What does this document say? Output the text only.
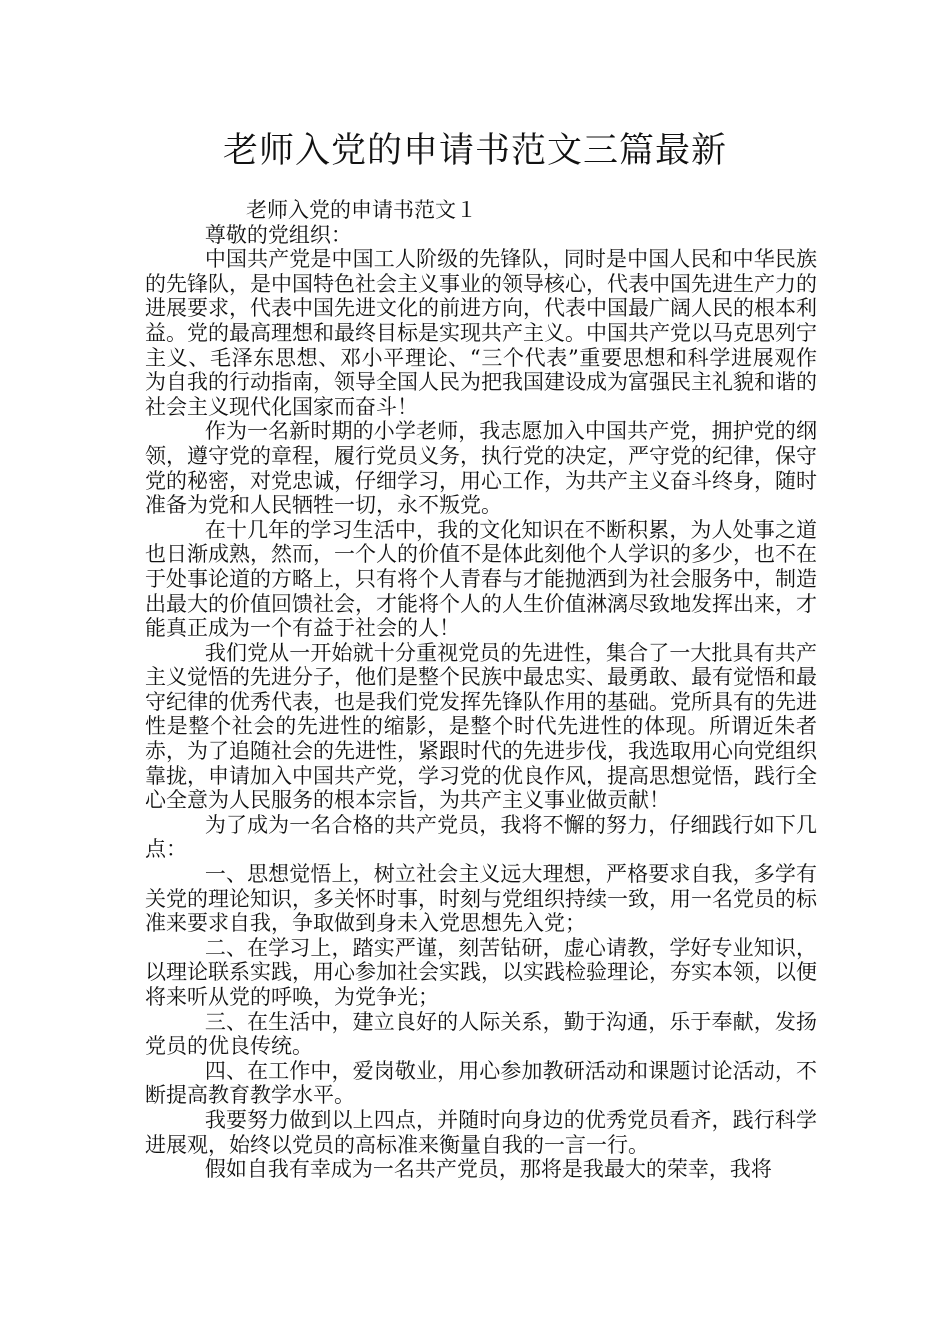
老师入党的申请书范文三篇最新

老师入党的申请书范文１

尊敬的党组织：

中国共产党是中国工人阶级的先锋队，同时是中国人民和中华民族的先锋队，是中国特色社会主义事业的领导核心，代表中国先进生产力的进展要求，代表中国先进文化的前进方向，代表中国最广阔人民的根本利益。党的最高理想和最终目标是实现共产主义。中国共产党以马克思列宁主义、毛泽东思想、邓小平理论、“三个代表”重要思想和科学进展观作为自我的行动指南，领导全国人民为把我国建设成为富强民主礼貌和谐的社会主义现代化国家而奋斗！

作为一名新时期的小学老师，我志愿加入中国共产党，拥护党的纲领，遵守党的章程，履行党员义务，执行党的决定，严守党的纪律，保守党的秘密，对党忠诚，仔细学习，用心工作，为共产主义奋斗终身，随时准备为党和人民牺牲一切，永不叛党。

在十几年的学习生活中，我的文化知识在不断积累，为人处事之道也日渐成熟，然而，一个人的价值不是体此刻他个人学识的多少，也不在于处事论道的方略上，只有将个人青春与才能抛洒到为社会服务中，制造出最大的价值回馈社会，才能将个人的人生价值淋漓尽致地发挥出来，才能真正成为一个有益于社会的人！

我们党从一开始就十分重视党员的先进性，集合了一大批具有共产主义觉悟的先进分子，他们是整个民族中最忠实、最勇敢、最有觉悟和最守纪律的优秀代表，也是我们党发挥先锋队作用的基础。党所具有的先进性是整个社会的先进性的缩影，是整个时代先进性的体现。所谓近朱者赤，为了追随社会的先进性，紧跟时代的先进步伐，我选取用心向党组织靠拢，申请加入中国共产党，学习党的优良作风，提高思想觉悟，践行全心全意为人民服务的根本宗旨，为共产主义事业做贡献！

为了成为一名合格的共产党员，我将不懈的努力，仔细践行如下几点：

一、思想觉悟上，树立社会主义远大理想，严格要求自我，多学有关党的理论知识，多关怀时事，时刻与党组织持续一致，用一名党员的标准来要求自我，争取做到身未入党思想先入党；

二、在学习上，踏实严谨，刻苦钻研，虚心请教，学好专业知识，以理论联系实践，用心参加社会实践，以实践检验理论，夯实本领，以便将来听从党的呼唤，为党争光；

三、在生活中，建立良好的人际关系，勤于沟通，乐于奉献，发扬党员的优良传统。

四、在工作中，爱岗敬业，用心参加教研活动和课题讨论活动，不断提高教育教学水平。

我要努力做到以上四点，并随时向身边的优秀党员看齐，践行科学进展观，始终以党员的高标准来衡量自我的一言一行。

假如自我有幸成为一名共产党员，那将是我最大的荣幸，我将
